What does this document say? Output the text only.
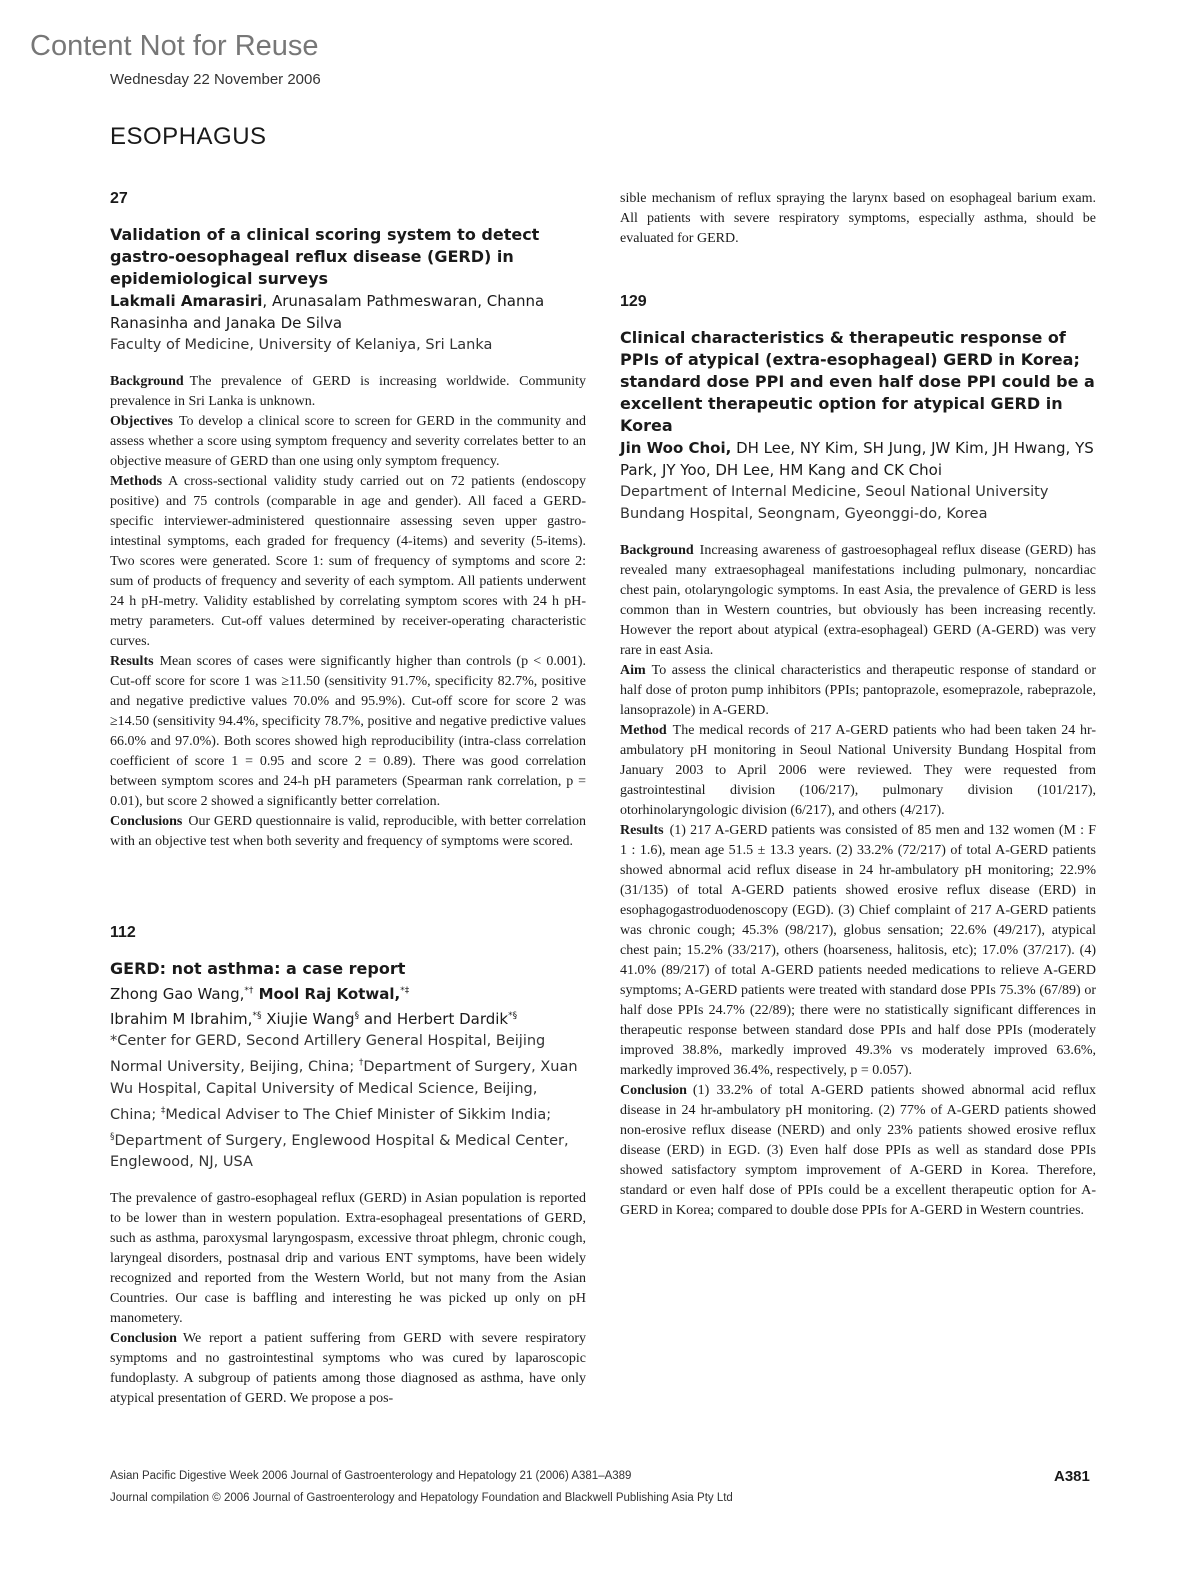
Content Not for Reuse
Wednesday 22 November 2006
ESOPHAGUS
27
Validation of a clinical scoring system to detect gastro-oesophageal reflux disease (GERD) in epidemiological surveys
Lakmali Amarasiri, Arunasalam Pathmeswaran, Channa Ranasinha and Janaka De Silva
Faculty of Medicine, University of Kelaniya, Sri Lanka

Background The prevalence of GERD is increasing worldwide. Community prevalence in Sri Lanka is unknown.

Objectives To develop a clinical score to screen for GERD in the community and assess whether a score using symptom frequency and severity correlates better to an objective measure of GERD than one using only symptom frequency.

Methods A cross-sectional validity study carried out on 72 patients (endoscopy positive) and 75 controls (comparable in age and gender). All faced a GERD-specific interviewer-administered questionnaire assessing seven upper gastro-intestinal symptoms, each graded for frequency (4-items) and severity (5-items). Two scores were generated. Score 1: sum of frequency of symptoms and score 2: sum of products of frequency and severity of each symptom. All patients underwent 24 h pH-metry. Validity established by correlating symptom scores with 24 h pH-metry parameters. Cut-off values determined by receiver-operating characteristic curves.

Results Mean scores of cases were significantly higher than controls (p < 0.001). Cut-off score for score 1 was ≥11.50 (sensitivity 91.7%, specificity 82.7%, positive and negative predictive values 70.0% and 95.9%). Cut-off score for score 2 was ≥14.50 (sensitivity 94.4%, specificity 78.7%, positive and negative predictive values 66.0% and 97.0%). Both scores showed high reproducibility (intra-class correlation coefficient of score 1 = 0.95 and score 2 = 0.89). There was good correlation between symptom scores and 24-h pH parameters (Spearman rank correlation, p = 0.01), but score 2 showed a significantly better correlation.

Conclusions Our GERD questionnaire is valid, reproducible, with better correlation with an objective test when both severity and frequency of symptoms were scored.

112
GERD: not asthma: a case report
Zhong Gao Wang,*† Mool Raj Kotwal,*‡
Ibrahim M Ibrahim,*§ Xiujie Wang§ and Herbert Dardik*§
*Center for GERD, Second Artillery General Hospital, Beijing Normal University, Beijing, China; †Department of Surgery, Xuan Wu Hospital, Capital University of Medical Science, Beijing, China; ‡Medical Adviser to The Chief Minister of Sikkim India; §Department of Surgery, Englewood Hospital & Medical Center, Englewood, NJ, USA

The prevalence of gastro-esophageal reflux (GERD) in Asian population is reported to be lower than in western population. Extra-esophageal presentations of GERD, such as asthma, paroxysmal laryngospasm, excessive throat phlegm, chronic cough, laryngeal disorders, postnasal drip and various ENT symptoms, have been widely recognized and reported from the Western World, but not many from the Asian Countries. Our case is baffling and interesting he was picked up only on pH manometery.

Conclusion We report a patient suffering from GERD with severe respiratory symptoms and no gastrointestinal symptoms who was cured by laparoscopic fundoplasty. A subgroup of patients among those diagnosed as asthma, have only atypical presentation of GERD. We propose a pos-

sible mechanism of reflux spraying the larynx based on esophageal barium exam. All patients with severe respiratory symptoms, especially asthma, should be evaluated for GERD.

129
Clinical characteristics & therapeutic response of PPIs of atypical (extra-esophageal) GERD in Korea; standard dose PPI and even half dose PPI could be a excellent therapeutic option for atypical GERD in Korea
Jin Woo Choi, DH Lee, NY Kim, SH Jung, JW Kim, JH Hwang, YS Park, JY Yoo, DH Lee, HM Kang and CK Choi
Department of Internal Medicine, Seoul National University Bundang Hospital, Seongnam, Gyeonggi-do, Korea

Background Increasing awareness of gastroesophageal reflux disease (GERD) has revealed many extraesophageal manifestations including pulmonary, noncardiac chest pain, otolaryngologic symptoms. In east Asia, the prevalence of GERD is less common than in Western countries, but obviously has been increasing recently. However the report about atypical (extra-esophageal) GERD (A-GERD) was very rare in east Asia.

Aim To assess the clinical characteristics and therapeutic response of standard or half dose of proton pump inhibitors (PPIs; pantoprazole, esomeprazole, rabeprazole, lansoprazole) in A-GERD.

Method The medical records of 217 A-GERD patients who had been taken 24 hr-ambulatory pH monitoring in Seoul National University Bundang Hospital from January 2003 to April 2006 were reviewed. They were requested from gastrointestinal division (106/217), pulmonary division (101/217), otorhinolaryngologic division (6/217), and others (4/217).

Results (1) 217 A-GERD patients was consisted of 85 men and 132 women (M : F 1 : 1.6), mean age 51.5 ± 13.3 years. (2) 33.2% (72/217) of total A-GERD patients showed abnormal acid reflux disease in 24 hr-ambulatory pH monitoring; 22.9% (31/135) of total A-GERD patients showed erosive reflux disease (ERD) in esophagogastroduodenoscopy (EGD). (3) Chief complaint of 217 A-GERD patients was chronic cough; 45.3% (98/217), globus sensation; 22.6% (49/217), atypical chest pain; 15.2% (33/217), others (hoarseness, halitosis, etc); 17.0% (37/217). (4) 41.0% (89/217) of total A-GERD patients needed medications to relieve A-GERD symptoms; A-GERD patients were treated with standard dose PPIs 75.3% (67/89) or half dose PPIs 24.7% (22/89); there were no statistically significant differences in therapeutic response between standard dose PPIs and half dose PPIs (moderately improved 38.8%, markedly improved 49.3% vs moderately improved 63.6%, markedly improved 36.4%, respectively, p = 0.057).

Conclusion (1) 33.2% of total A-GERD patients showed abnormal acid reflux disease in 24 hr-ambulatory pH monitoring. (2) 77% of A-GERD patients showed non-erosive reflux disease (NERD) and only 23% patients showed erosive reflux disease (ERD) in EGD. (3) Even half dose PPIs as well as standard dose PPIs showed satisfactory symptom improvement of A-GERD in Korea. Therefore, standard or even half dose of PPIs could be a excellent therapeutic option for A-GERD in Korea; compared to double dose PPIs for A-GERD in Western countries.

Asian Pacific Digestive Week 2006 Journal of Gastroenterology and Hepatology 21 (2006) A381–A389
Journal compilation © 2006 Journal of Gastroenterology and Hepatology Foundation and Blackwell Publishing Asia Pty Ltd
A381
